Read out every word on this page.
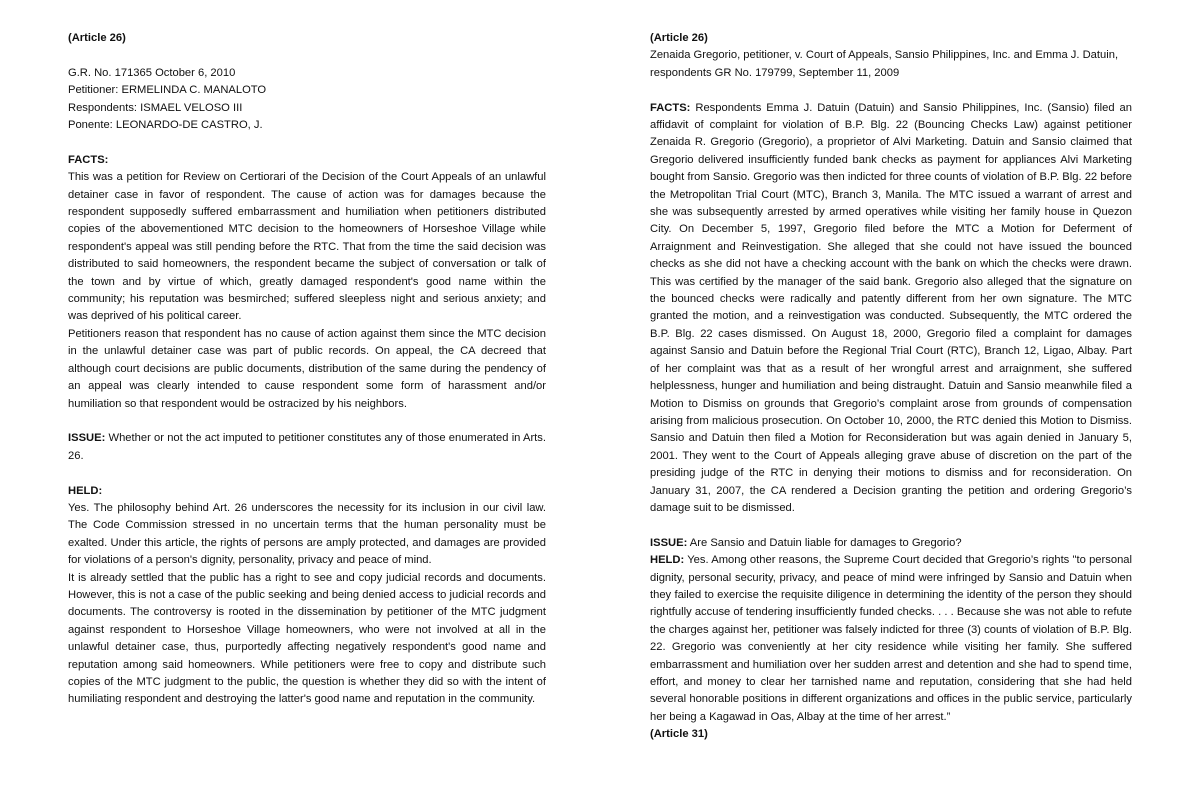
(Article 26)

G.R. No. 171365 October 6, 2010

Petitioner: ERMELINDA C. MANALOTO

Respondents: ISMAEL VELOSO III

Ponente: LEONARDO-DE CASTRO, J.

FACTS:

This was a petition for Review on Certiorari of the Decision of the Court Appeals of an unlawful detainer case in favor of respondent. The cause of action was for damages because the respondent supposedly suffered embarrassment and humiliation when petitioners distributed copies of the abovementioned MTC decision to the homeowners of Horseshoe Village while respondent's appeal was still pending before the RTC. That from the time the said decision was distributed to said homeowners, the respondent became the subject of conversation or talk of the town and by virtue of which, greatly damaged respondent's good name within the community; his reputation was besmirched; suffered sleepless night and serious anxiety; and was deprived of his political career.

Petitioners reason that respondent has no cause of action against them since the MTC decision in the unlawful detainer case was part of public records. On appeal, the CA decreed that although court decisions are public documents, distribution of the same during the pendency of an appeal was clearly intended to cause respondent some form of harassment and/or humiliation so that respondent would be ostracized by his neighbors.

ISSUE: Whether or not the act imputed to petitioner constitutes any of those enumerated in Arts. 26.

HELD:

Yes. The philosophy behind Art. 26 underscores the necessity for its inclusion in our civil law. The Code Commission stressed in no uncertain terms that the human personality must be exalted. Under this article, the rights of persons are amply protected, and damages are provided for violations of a person's dignity, personality, privacy and peace of mind.

It is already settled that the public has a right to see and copy judicial records and documents. However, this is not a case of the public seeking and being denied access to judicial records and documents. The controversy is rooted in the dissemination by petitioner of the MTC judgment against respondent to Horseshoe Village homeowners, who were not involved at all in the unlawful detainer case, thus, purportedly affecting negatively respondent's good name and reputation among said homeowners. While petitioners were free to copy and distribute such copies of the MTC judgment to the public, the question is whether they did so with the intent of humiliating respondent and destroying the latter's good name and reputation in the community.

(Article 26)

Zenaida Gregorio, petitioner, v. Court of Appeals, Sansio Philippines, Inc. and Emma J. Datuin, respondents GR No. 179799, September 11, 2009

FACTS: Respondents Emma J. Datuin (Datuin) and Sansio Philippines, Inc. (Sansio) filed an affidavit of complaint for violation of B.P. Blg. 22 (Bouncing Checks Law) against petitioner Zenaida R. Gregorio (Gregorio), a proprietor of Alvi Marketing. Datuin and Sansio claimed that Gregorio delivered insufficiently funded bank checks as payment for appliances Alvi Marketing bought from Sansio. Gregorio was then indicted for three counts of violation of B.P. Blg. 22 before the Metropolitan Trial Court (MTC), Branch 3, Manila. The MTC issued a warrant of arrest and she was subsequently arrested by armed operatives while visiting her family house in Quezon City. On December 5, 1997, Gregorio filed before the MTC a Motion for Deferment of Arraignment and Reinvestigation. She alleged that she could not have issued the bounced checks as she did not have a checking account with the bank on which the checks were drawn. This was certified by the manager of the said bank. Gregorio also alleged that the signature on the bounced checks were radically and patently different from her own signature. The MTC granted the motion, and a reinvestigation was conducted. Subsequently, the MTC ordered the B.P. Blg. 22 cases dismissed. On August 18, 2000, Gregorio filed a complaint for damages against Sansio and Datuin before the Regional Trial Court (RTC), Branch 12, Ligao, Albay. Part of her complaint was that as a result of her wrongful arrest and arraignment, she suffered helplessness, hunger and humiliation and being distraught. Datuin and Sansio meanwhile filed a Motion to Dismiss on grounds that Gregorio’s complaint arose from grounds of compensation arising from malicious prosecution. On October 10, 2000, the RTC denied this Motion to Dismiss. Sansio and Datuin then filed a Motion for Reconsideration but was again denied in January 5, 2001. They went to the Court of Appeals alleging grave abuse of discretion on the part of the presiding judge of the RTC in denying their motions to dismiss and for reconsideration. On January 31, 2007, the CA rendered a Decision granting the petition and ordering Gregorio’s damage suit to be dismissed.

ISSUE: Are Sansio and Datuin liable for damages to Gregorio?

HELD: Yes. Among other reasons, the Supreme Court decided that Gregorio’s rights "to personal dignity, personal security, privacy, and peace of mind were infringed by Sansio and Datuin when they failed to exercise the requisite diligence in determining the identity of the person they should rightfully accuse of tendering insufficiently funded checks. . . . Because she was not able to refute the charges against her, petitioner was falsely indicted for three (3) counts of violation of B.P. Blg. 22. Gregorio was conveniently at her city residence while visiting her family. She suffered embarrassment and humiliation over her sudden arrest and detention and she had to spend time, effort, and money to clear her tarnished name and reputation, considering that she had held several honorable positions in different organizations and offices in the public service, particularly her being a Kagawad in Oas, Albay at the time of her arrest.”

(Article 31)
